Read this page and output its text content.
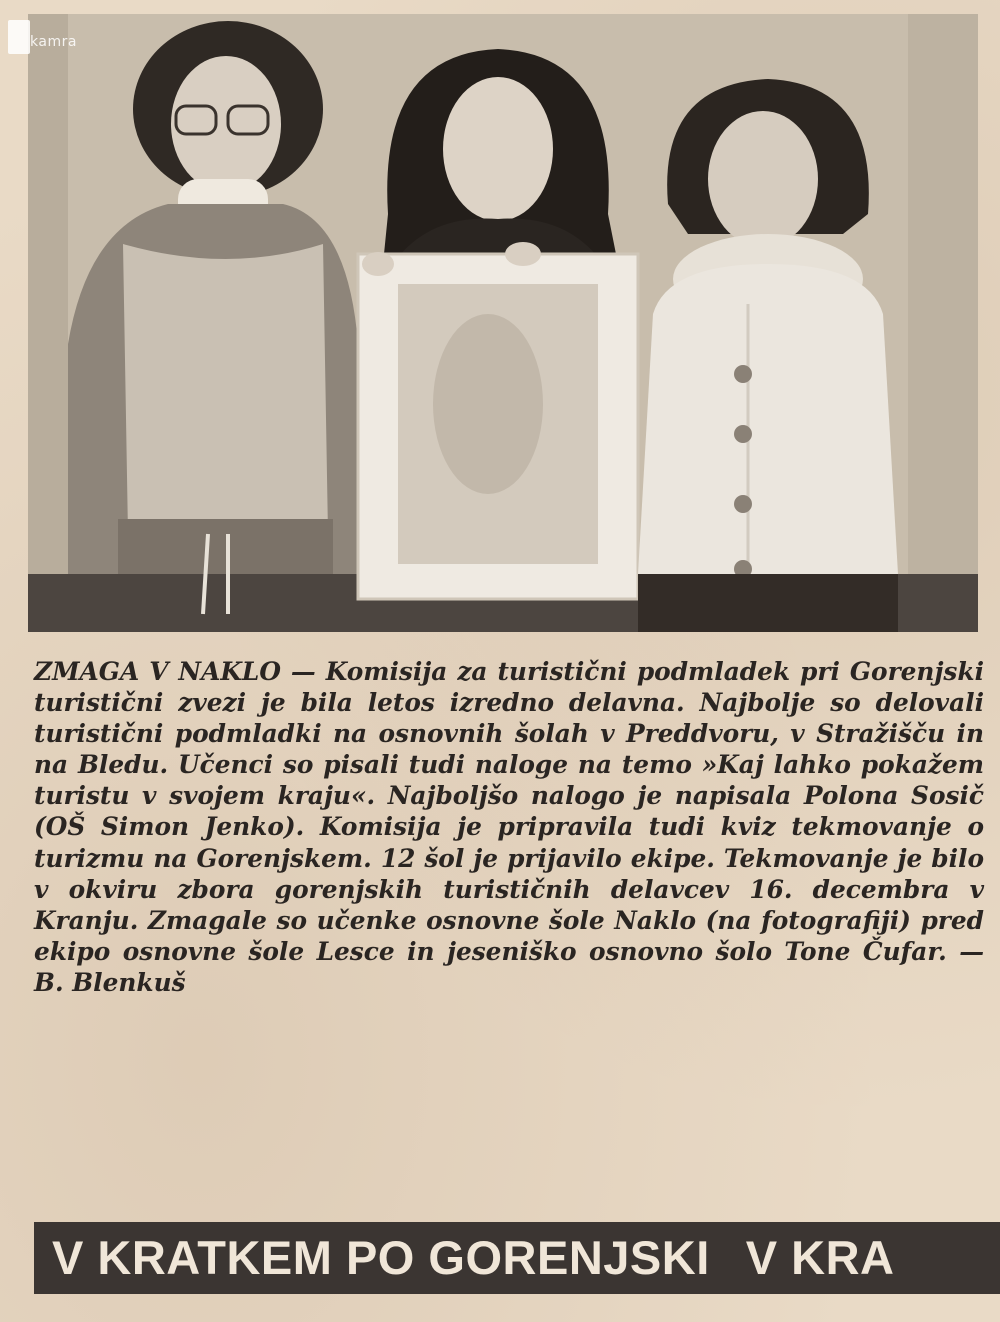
kamra
ZMAGA V NAKLO — Komisija za turistični podmladek pri Gorenjski turistični zvezi je bila letos izredno delavna. Najbolje so delovali turistični podmladki na osnovnih šolah v Preddvoru, v Stražišču in na Bledu. Učenci so pisali tudi naloge na temo »Kaj lahko pokažem turistu v svojem kraju«. Najboljšo nalogo je napisala Polona Sosič (OŠ Simon Jenko). Komisija je pripravila tudi kviz tekmovanje o turizmu na Gorenjskem. 12 šol je prijavilo ekipe. Tekmovanje je bilo v okviru zbora gorenjskih turističnih delavcev 16. decembra v Kranju. Zmagale so učenke osnovne šole Naklo (na fotografiji) pred ekipo osnovne šole Lesce in jeseniško osnovno šolo Tone Čufar. — B. Blenkuš
V KRATKEM PO GORENJSKI V KRA
